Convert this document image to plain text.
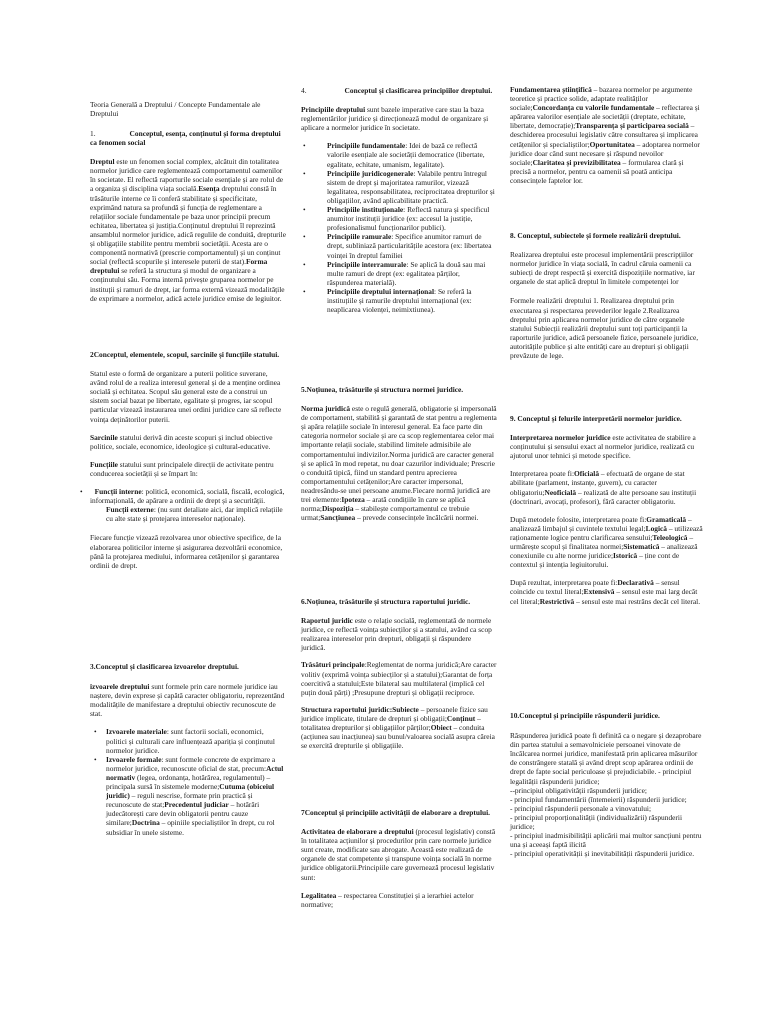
Teoria Generală a Dreptului / Concepte Fundamentale ale Dreptului

1.	Conceptul, esența, conținutul și forma dreptului ca fenomen social

Dreptul este un fenomen social complex, alcătuit din totalitatea normelor juridice care reglementează comportamentul oamenilor în societate. El reflectă raporturile sociale esențiale și are rolul de a organiza și disciplina viața socială.Esența dreptului constă în trăsăturile interne ce îi conferă stabilitate și specificitate, exprimând natura sa profundă și funcția de reglementare a relațiilor sociale fundamentale pe baza unor principii precum echitatea, libertatea și justiția.Conținutul dreptului îl reprezintă ansamblul normelor juridice, adică regulile de conduită, drepturile și obligațiile stabilite pentru membrii societății. Acesta are o componentă normativă (prescrie comportamentul) și un conținut social (reflectă scopurile și interesele puterii de stat).Forma dreptului se referă la structura și modul de organizare a conținutului său. Forma internă privește gruparea normelor pe instituții și ramuri de drept, iar forma externă vizează modalitățile de exprimare a normelor, adică actele juridice emise de legiuitor.

2Conceptul, elementele, scopul, sarcinile și funcțiile statului.

Statul este o formă de organizare a puterii politice suverane, având rolul de a realiza interesul general și de a menține ordinea socială și echitatea. Scopul său general este de a construi un sistem social bazat pe libertate, egalitate și progres, iar scopul particular vizează instaurarea unei ordini juridice care să reflecte voința deținătorilor puterii.

Sarcinile statului derivă din aceste scopuri și includ obiective politice, sociale, economice, ideologice și cultural-educative.

Funcțiile statului sunt principalele direcții de activitate pentru conducerea societății și se împart în:

• Funcții interne: politică, economică, socială, fiscală, ecologică, informațională, de apărare a ordinii de drept și a securității.
Funcții externe: (nu sunt detaliate aici, dar implică relațiile cu alte state și protejarea intereselor naționale).

Fiecare funcție vizează rezolvarea unor obiective specifice, de la elaborarea politicilor interne și asigurarea dezvoltării economice, până la protejarea mediului, informarea cetățenilor și garantarea ordinii de drept.

3.Conceptul și clasificarea izvoarelor dreptului.

izvoarele dreptului sunt formele prin care normele juridice iau naștere, devin exprese și capătă caracter obligatoriu, reprezentând modalitățile de manifestare a dreptului obiectiv recunoscute de stat.

• Izvoarele materiale: sunt factorii sociali, economici, politici și culturali care influențează apariția și conținutul normelor juridice.
• Izvoarele formale: sunt formele concrete de exprimare a normelor juridice, recunoscute oficial de stat, precum:Actul normativ (legea, ordonanța, hotărârea, regulamentul) – principala sursă în sistemele moderne;Cutuma (obiceiul juridic) – reguli nescrise, formate prin practică și recunoscute de stat;Precedentul judiciar – hotărâri judecătorești care devin obligatorii pentru cauze similare;Doctrina – opiniile specialiștilor în drept, cu rol subsidiar în unele sisteme.
4.	Conceptul și clasificarea principiilor dreptului.

Principiile dreptului sunt bazele imperative care stau la baza reglementărilor juridice și direcționează modul de organizare și aplicare a normelor juridice în societate.

•	Principiile fundamentale: Idei de bază ce reflectă valorile esențiale ale societății democratice (libertate, egalitate, echitate, umanism, legalitate).
•	Principiile juridicogenerale: Valabile pentru întregul sistem de drept și majoritatea ramurilor, vizează legalitatea, responsabilitatea, reciprocitatea drepturilor și obligațiilor, având aplicabilitate practică.
•	Principiile instituționale: Reflectă natura și specificul anumitor instituții juridice (ex: accesul la justiție, profesionalismul funcționarilor publici).
•	Principiile ramurale: Specifice anumitor ramuri de drept, subliniază particularitățile acestora (ex: libertatea voinței în dreptul familiei
•	Principiile interramurale: Se aplică la două sau mai multe ramuri de drept (ex: egalitatea părților, răspunderea materială).
•	Principiile dreptului internațional: Se referă la instituțiile și ramurile dreptului internațional (ex: neaplicarea violenței, neimixtiunea).
5.Noțiunea, trăsăturile și structura normei juridice.

Norma juridică este o regulă generală, obligatorie și impersonală de comportament, stabilită și garantată de stat pentru a reglementa și apăra relațiile sociale în interesul general. Ea face parte din categoria normelor sociale și are ca scop reglementarea celor mai importante relații sociale, stabilind limitele admisibile ale comportamentului indivizilor.Norma juridică are caracter general și se aplică în mod repetat, nu doar cazurilor individuale; Prescrie o conduită tipică, fiind un standard pentru aprecierea comportamentului cetățenilor;Are caracter impersonal, neadresându-se unei persoane anume.Fiecare normă juridică are trei elemente:Ipoteza – arată condițiile în care se aplică norma;Dispoziția – stabilește comportamentul ce trebuie urmat;Sancțiunea – prevede consecințele încălcării normei.

6.Noțiunea, trăsăturile și structura raportului juridic.

Raportul juridic este o relație socială, reglementată de normele juridice, ce reflectă voința subiecților și a statului, având ca scop realizarea intereselor prin drepturi, obligații și răspundere juridică.

Trăsături principale:Reglementat de norma juridică;Are caracter volitiv (exprimă voința subiecților și a statului);Garantat de forța coercitivă a statului;Este bilateral sau multilateral (implică cel puțin două părți) ;Presupune drepturi și obligații reciproce.

Structura raportului juridic:Subiecte – persoanele fizice sau juridice implicate, titulare de drepturi și obligații;Conținut – totalitatea drepturilor și obligațiilor părților;Obiect – conduita (acțiunea sau inacțiunea) sau bunul/valoarea socială asupra căreia se exercită drepturile și obligațiile.

7Conceptul și principiile activității de elaborare a dreptului.

Activitatea de elaborare a dreptului (procesul legislativ) constă în totalitatea acțiunilor și procedurilor prin care normele juridice sunt create, modificate sau abrogate. Această este realizată de organele de stat competente și transpune voința socială în norme juridice obligatorii.Principiile care guvernează procesul legislativ sunt:

Legalitatea – respectarea Constituției și a ierarhiei actelor normative;

Fundamentarea științifică – bazarea normelor pe argumente teoretice și practice solide, adaptate realităților sociale;Concordanța cu valorile fundamentale – reflectarea și apărarea valorilor esențiale ale societății (dreptate, echitate, libertate, democrație);Transparența și participarea socială – deschiderea procesului legislativ către consultarea și implicarea cetățenilor și specialiștilor;Oportunitatea – adoptarea normelor juridice doar când sunt necesare și răspund nevoilor sociale;Claritatea și previzibilitatea – formularea clară și precisă a normelor, pentru ca oamenii să poată anticipa consecințele faptelor lor.

8. Conceptul, subiectele și formele realizării dreptului.

Realizarea dreptului este procesul implementării prescripțiilor normelor juridice în viața socială, în cadrul căruia oamenii ca subiecți de drept respectă și exercită dispozițiile normative, iar organele de stat aplică dreptul în limitele competenței lor

Formele realizării dreptului 1. Realizarea dreptului prin executarea și respectarea prevederilor legale 2.Realizarea dreptului prin aplicarea normelor juridice de către organele statului Subiecții realizării dreptului sunt toți participanții la raporturile juridice, adică persoanele fizice, persoanele juridice, autoritățile publice și alte entități care au drepturi și obligații prevăzute de lege.

9. Conceptul și felurile interpretării normelor juridice.

Interpretarea normelor juridice este activitatea de stabilire a conținutului și sensului exact al normelor juridice, realizată cu ajutorul unor tehnici și metode specifice.

Interpretarea poate fi:Oficială – efectuată de organe de stat abilitate (parlament, instanțe, guvern), cu caracter obligatoriu;Neoficială – realizată de alte persoane sau instituții (doctrinari, avocați, profesori), fără caracter obligatoriu.

După metodele folosite, interpretarea poate fi:Gramaticală – analizează limbajul și cuvintele textului legal;Logică – utilizează raționamente logice pentru clarificarea sensului;Teleologică – urmărește scopul și finalitatea normei;Sistematică – analizează conexiunile cu alte norme juridice;Istorică – ține cont de contextul și intenția legiuitorului.

După rezultat, interpretarea poate fi:Declarativă – sensul coincide cu textul literal;Extensivă – sensul este mai larg decât cel literal;Restrictivă – sensul este mai restrâns decât cel literal.

10.Conceptul și principiile răspunderii juridice.

Răspunderea juridică poate fi definită ca o negare și dezaprobare din partea statului a semavolnicieie persoanei vinovate de încălcarea normei juridice, manifestată prin aplicarea măsurilor de constrângere statală și având drept scop apărarea ordinii de drept de fapte social periculoase și prejudiciabile. - principiul legalității răspunderii juridice;

--principiul obligativității răspunderii juridice;

- principiul fundamentării (întemeierii) răspunderii juridice;

- principiul răspunderii personale a vinovatului;

- principiul proporționalității (individualizării) răspunderii juridice;

- principiul inadmisibilității aplicării mai multor sancțiuni pentru una și aceeași faptă ilicită

- principiul operativității și inevitabilității răspunderii juridice.
